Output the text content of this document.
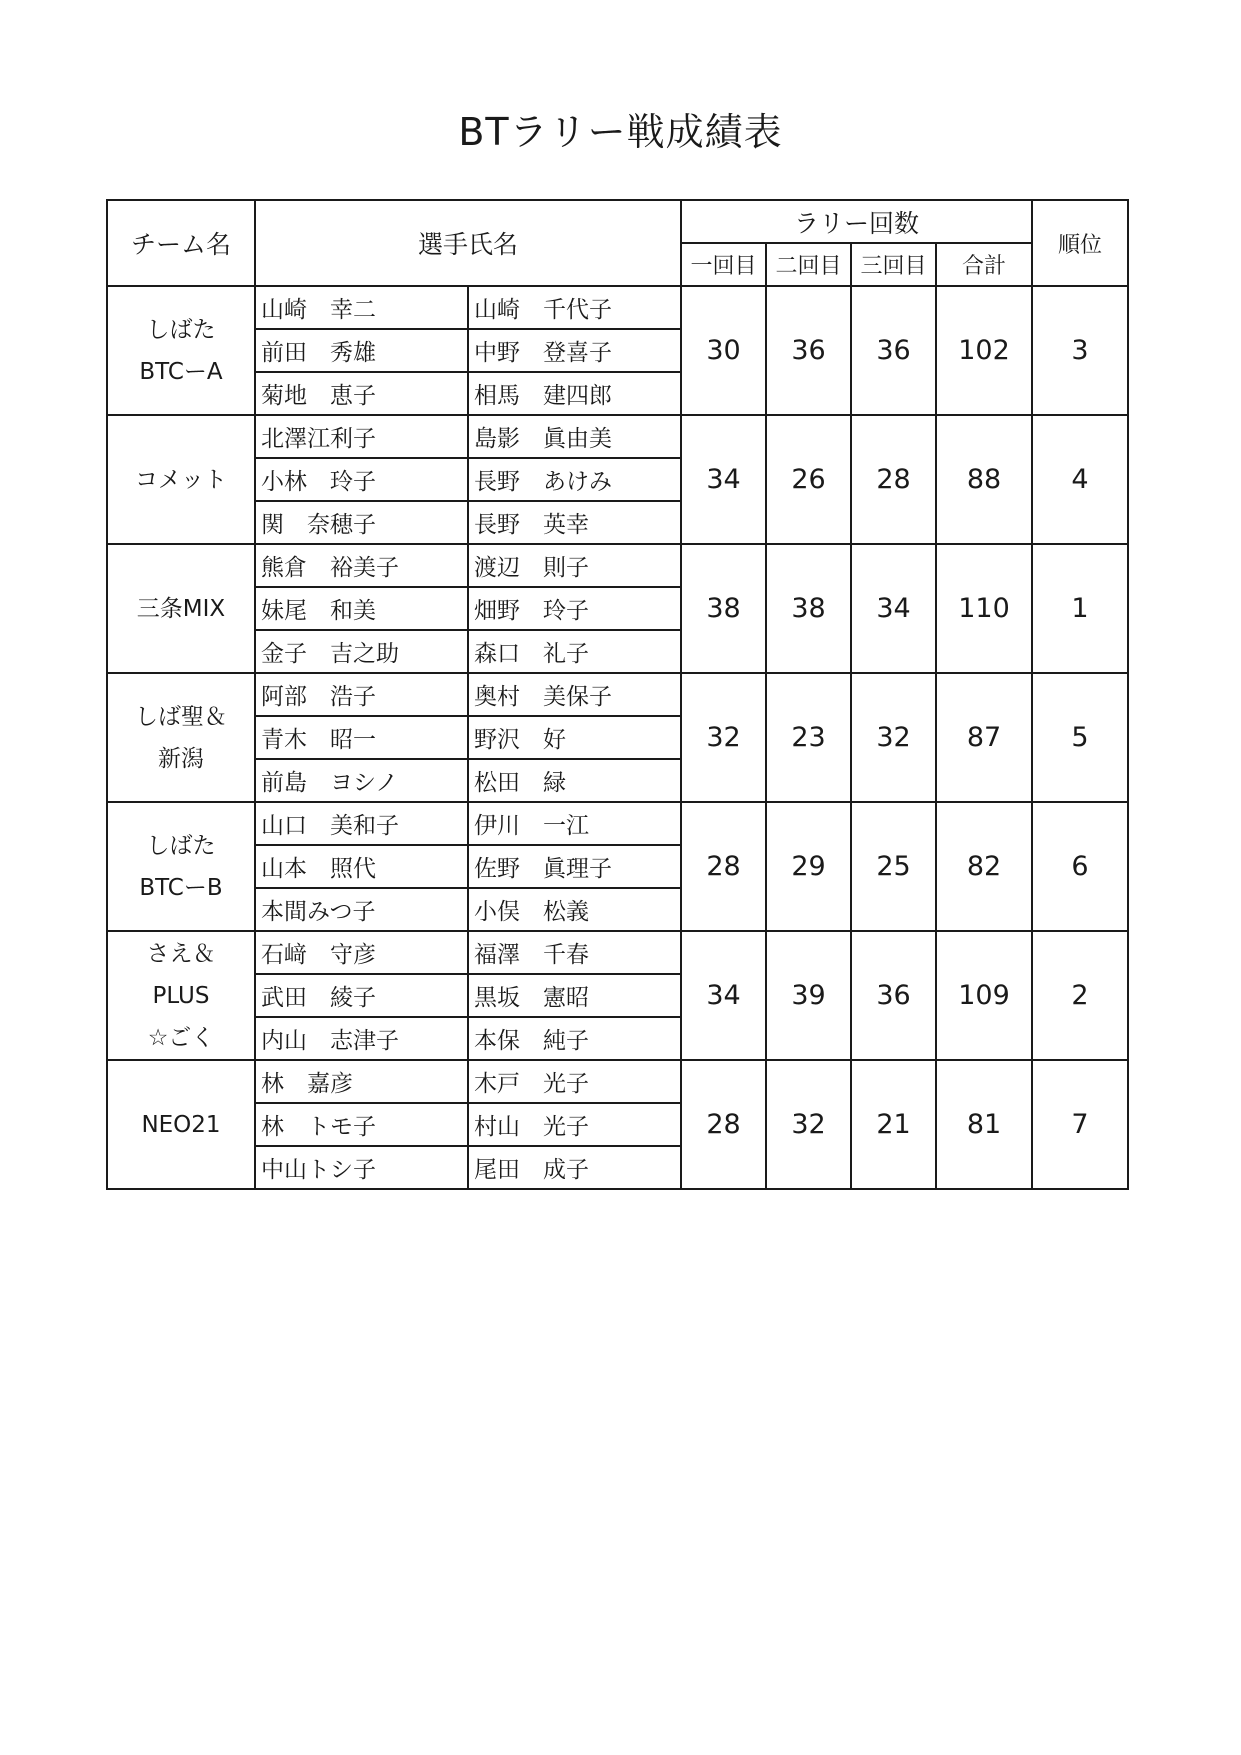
BTラリー戦成績表
チーム名	選手氏名		ラリー回数				順位
			一回目	二回目	三回目	合計	

しばた
BTCーA	山崎　幸二	山崎　千代子	30	36	36	102	3
	前田　秀雄	中野　登喜子					
	菊地　恵子	相馬　建四郎					

コメット	北澤江利子	島影　眞由美	34	26	28	88	4
	小林　玲子	長野　あけみ					
	関　奈穂子	長野　英幸					

三条MIX	熊倉　裕美子	渡辺　則子	38	38	34	110	1
	妹尾　和美	畑野　玲子					
	金子　吉之助	森口　礼子					

しば聖＆
新潟	阿部　浩子	奥村　美保子	32	23	32	87	5
	青木　昭一	野沢　好					
	前島　ヨシノ	松田　緑					

しばた
BTCーB	山口　美和子	伊川　一江	28	29	25	82	6
	山本　照代	佐野　眞理子					
	本間みつ子	小俣　松義					

さえ＆
PLUS
☆ごく	石﨑　守彦	福澤　千春	34	39	36	109	2
	武田　綾子	黒坂　憲昭					
	内山　志津子	本保　純子					

NEO21	林　嘉彦	木戸　光子	28	32	21	81	7
	林　トモ子	村山　光子					
	中山トシ子	尾田　成子					
